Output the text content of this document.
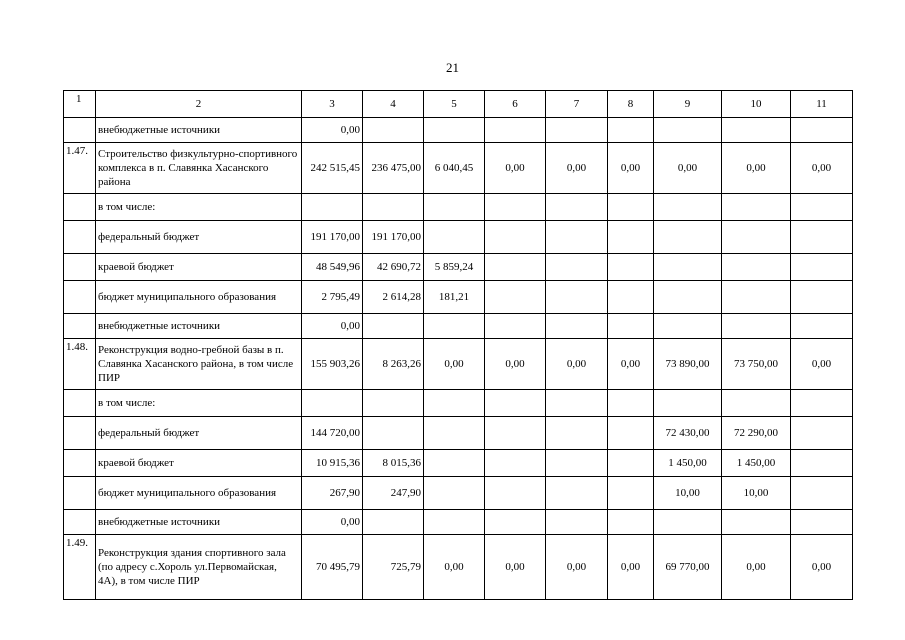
21
1	2	3	4	5	6	7	8	9	10	11
	внебюджетные источники	0,00								
1.47.	Строительство физкультурно-спортивного комплекса в п. Славянка Хасанского района	242 515,45	236 475,00	6 040,45	0,00	0,00	0,00	0,00	0,00	0,00
	в том числе:									
	федеральный бюджет	191 170,00	191 170,00							
	краевой бюджет	48 549,96	42 690,72	5 859,24						
	бюджет муниципального образования	2 795,49	2 614,28	181,21						
	внебюджетные источники	0,00								
1.48.	Реконструкция водно-гребной базы в п. Славянка Хасанского района, в том числе ПИР	155 903,26	8 263,26	0,00	0,00	0,00	0,00	73 890,00	73 750,00	0,00
	в том числе:									
	федеральный бюджет	144 720,00						72 430,00	72 290,00	
	краевой бюджет	10 915,36	8 015,36					1 450,00	1 450,00	
	бюджет муниципального образования	267,90	247,90					10,00	10,00	
	внебюджетные источники	0,00								
1.49.	Реконструкция здания спортивного зала (по адресу с.Хороль ул.Первомайская, 4А), в том числе ПИР	70 495,79	725,79	0,00	0,00	0,00	0,00	69 770,00	0,00	0,00
